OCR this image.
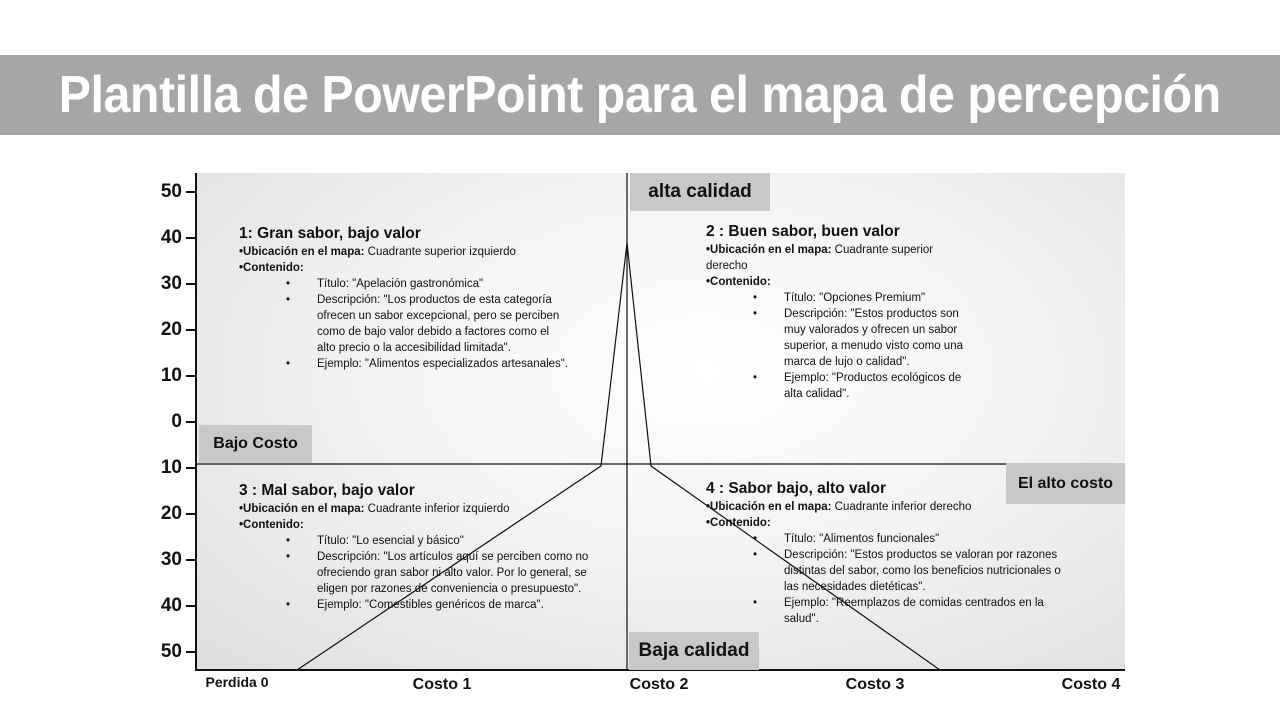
Plantilla de PowerPoint para el mapa de percepción
50
40
30
20
10
0
10
20
30
40
50
Perdida 0	Costo 1	Costo 2	Costo 3	Costo 4
alta calidad
Baja calidad
Bajo Costo
El alto costo
1: Gran sabor, bajo valor
•Ubicación en el mapa: Cuadrante superior izquierdo
•Contenido:
• Título: "Apelación gastronómica"
• Descripción: "Los productos de esta categoría ofrecen un sabor excepcional, pero se perciben como de bajo valor debido a factores como el alto precio o la accesibilidad limitada".
• Ejemplo: "Alimentos especializados artesanales".
2 : Buen sabor, buen valor
•Ubicación en el mapa: Cuadrante superior derecho
•Contenido:
• Título: "Opciones Premium"
• Descripción: "Estos productos son muy valorados y ofrecen un sabor superior, a menudo visto como una marca de lujo o calidad".
• Ejemplo: "Productos ecológicos de alta calidad".
3 : Mal sabor, bajo valor
•Ubicación en el mapa: Cuadrante inferior izquierdo
•Contenido:
• Título: "Lo esencial y básico"
• Descripción: "Los artículos aquí se perciben como no ofreciendo gran sabor ni alto valor. Por lo general, se eligen por razones de conveniencia o presupuesto".
• Ejemplo: "Comestibles genéricos de marca".
4 : Sabor bajo, alto valor
•Ubicación en el mapa: Cuadrante inferior derecho
•Contenido:
• Título: "Alimentos funcionales"
• Descripción: "Estos productos se valoran por razones distintas del sabor, como los beneficios nutricionales o las necesidades dietéticas".
• Ejemplo: "Reemplazos de comidas centrados en la salud".
